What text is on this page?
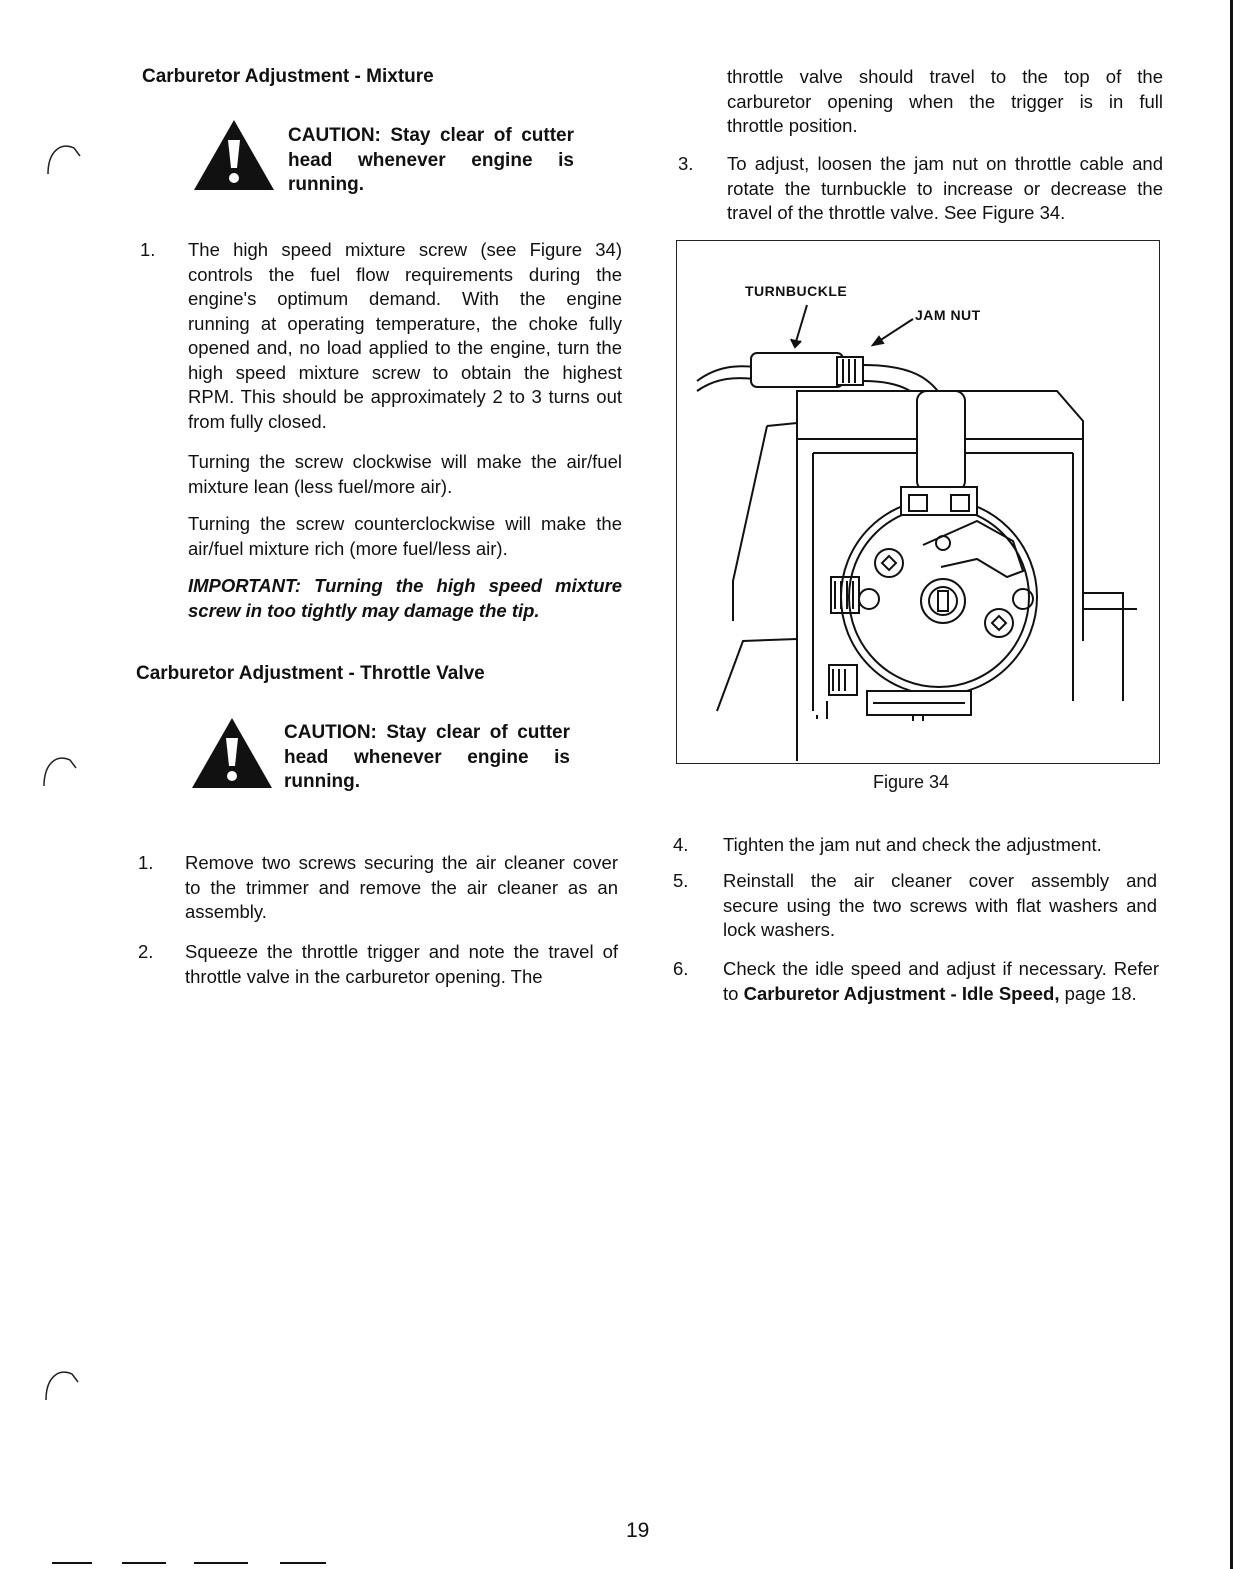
Carburetor Adjustment - Mixture
CAUTION: Stay clear of cutter
head whenever engine is
running.
1. The high speed mixture screw (see Figure 34)
controls the fuel flow requirements during the
engine's optimum demand. With the engine
running at operating temperature, the choke fully
opened and, no load applied to the engine, turn the
high speed mixture screw to obtain the highest
RPM. This should be approximately 2 to 3 turns out
from fully closed.
Turning the screw clockwise will make the air/fuel
mixture lean (less fuel/more air).
Turning the screw counterclockwise will make the
air/fuel mixture rich (more fuel/less air).
IMPORTANT: Turning the high speed mixture
screw in too tightly may damage the tip.
Carburetor Adjustment - Throttle Valve
CAUTION: Stay clear of cutter
head whenever engine is
running.
1. Remove two screws securing the air cleaner cover
to the trimmer and remove the air cleaner as an
assembly.
2. Squeeze the throttle trigger and note the travel of
throttle valve in the carburetor opening. The
throttle valve should travel to the top of the
carburetor opening when the trigger is in full
throttle position.
3. To adjust, loosen the jam nut on throttle cable and
rotate the turnbuckle to increase or decrease the
travel of the throttle valve. See Figure 34.
TURNBUCKLE
JAM NUT
Figure 34
4. Tighten the jam nut and check the adjustment.
5. Reinstall the air cleaner cover assembly and
secure using the two screws with flat washers and
lock washers.
6. Check the idle speed and adjust if necessary. Refer
to Carburetor Adjustment - Idle Speed, page 18.
19
